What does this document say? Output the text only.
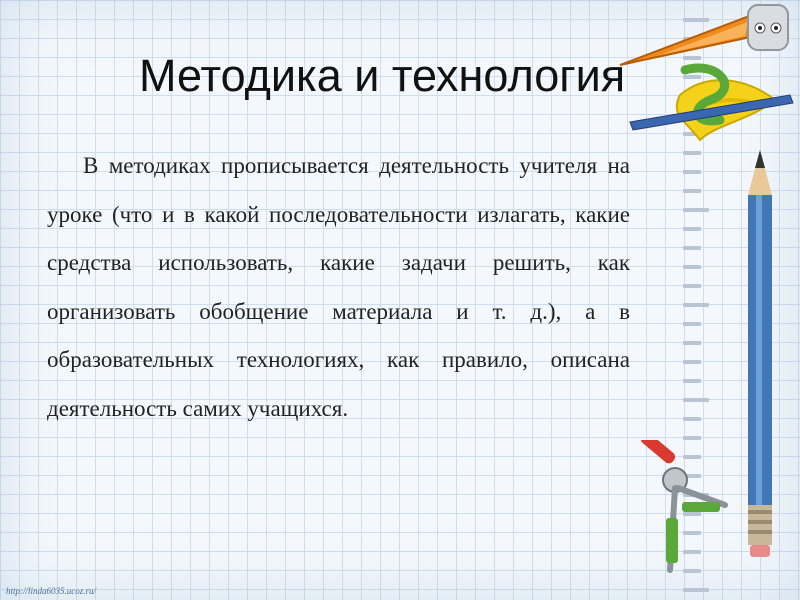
Методика и технология

В методиках прописывается деятельность учителя на уроке (что и в какой последовательности излагать, какие средства использовать, какие задачи решить, как организовать обобщение материала и т. д.), а в образовательных технологиях, как правило, описана деятельность самих учащихся.

http://linda6035.ucoz.ru/
